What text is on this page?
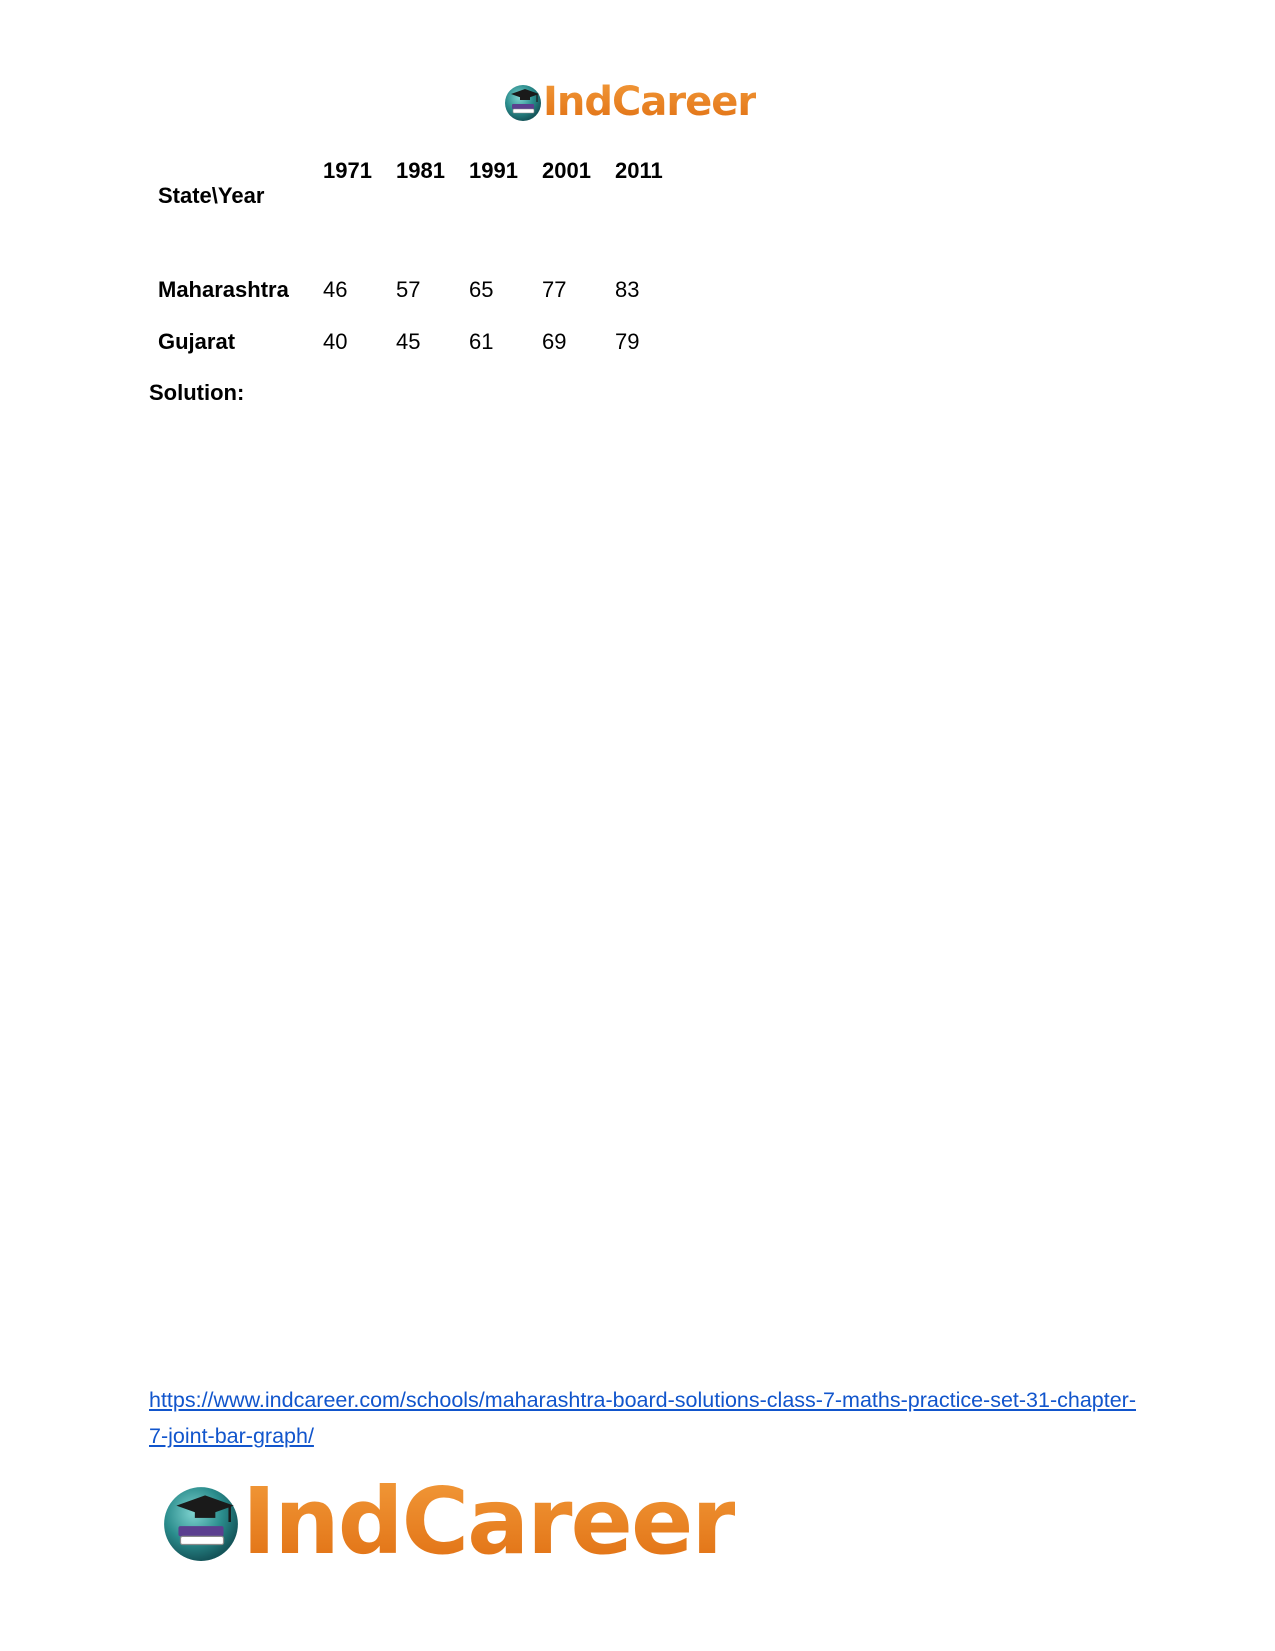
IndCareer
State\Year	1971	1981	1991	2001	2011
Maharashtra	46	57	65	77	83
Gujarat	40	45	61	69	79
Solution:
https://www.indcareer.com/schools/maharashtra-board-solutions-class-7-maths-practice-set-31-chapter-7-joint-bar-graph/
IndCareer
